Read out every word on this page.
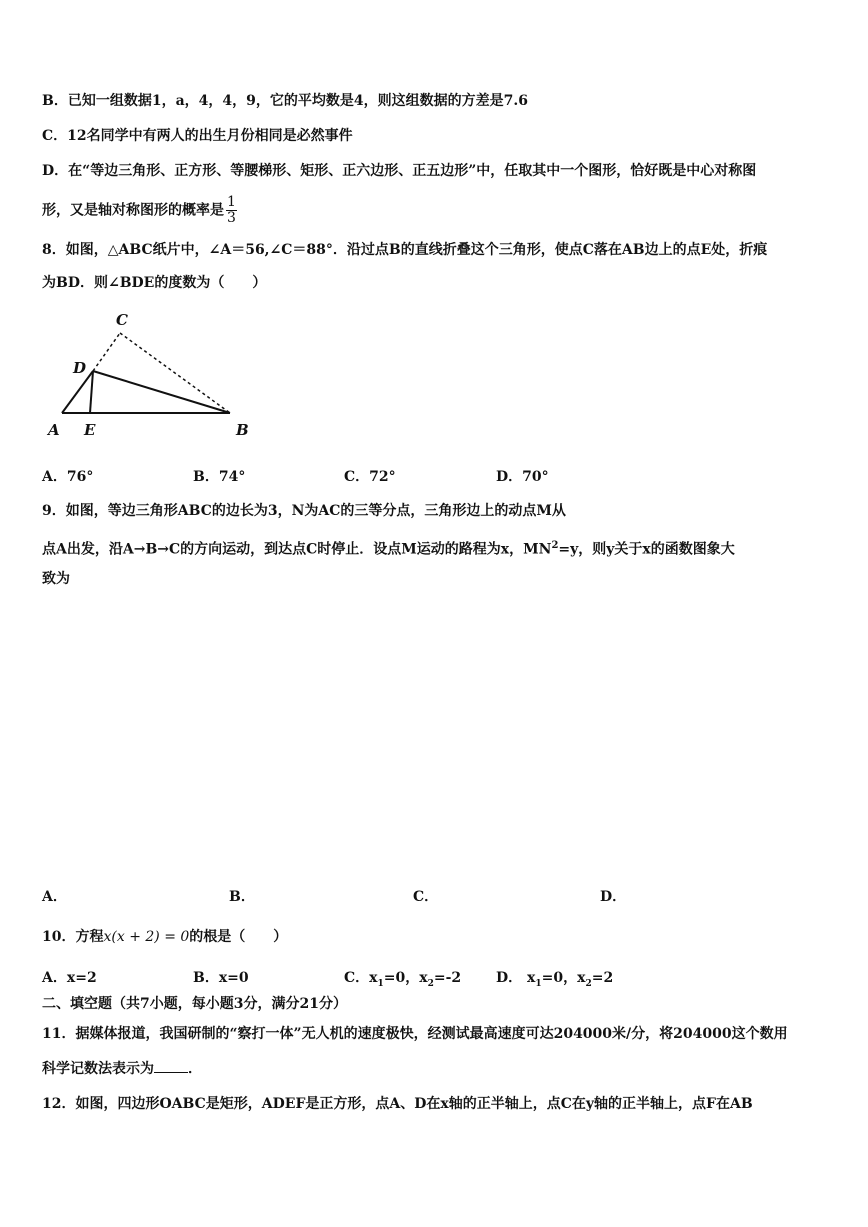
B．已知一组数据1，a，4，4，9，它的平均数是4，则这组数据的方差是7.6
C．12名同学中有两人的出生月份相同是必然事件
D．在“等边三角形、正方形、等腰梯形、矩形、正六边形、正五边形”中，任取其中一个图形，恰好既是中心对称图
形，又是轴对称图形的概率是 $\frac{1}{3}$
8．如图，△ABC纸片中，∠A＝56,∠C＝88°．沿过点B的直线折叠这个三角形，使点C落在AB边上的点E处，折痕
为BD．则∠BDE的度数为（　　）
C
D
A E	B
A．76°	B．74°	C．72°	D．70°
9．如图，等边三角形ABC的边长为3，N为AC的三等分点，三角形边上的动点M从
点A出发，沿A→B→C的方向运动，到达点C时停止．设点M运动的路程为x，$MN^2=y$，则y关于x的函数图象大
致为
A．	B．	C．	D．
10．方程x(x + 2) = 0的根是（　　）
A．x=2	B．x=0	C．$x_1=0$，$x_2=-2$ D． $x_1=0$，$x_2=2$
二、填空题（共7小题，每小题3分，满分21分）
11．据媒体报道，我国研制的“察打一体”无人机的速度极快，经测试最高速度可达204000米/分，将204000这个数用
科学记数法表示为 ．
12．如图，四边形OABC是矩形，ADEF是正方形，点A、D在x轴的正半轴上，点C在y轴的正半轴上，点F在AB
